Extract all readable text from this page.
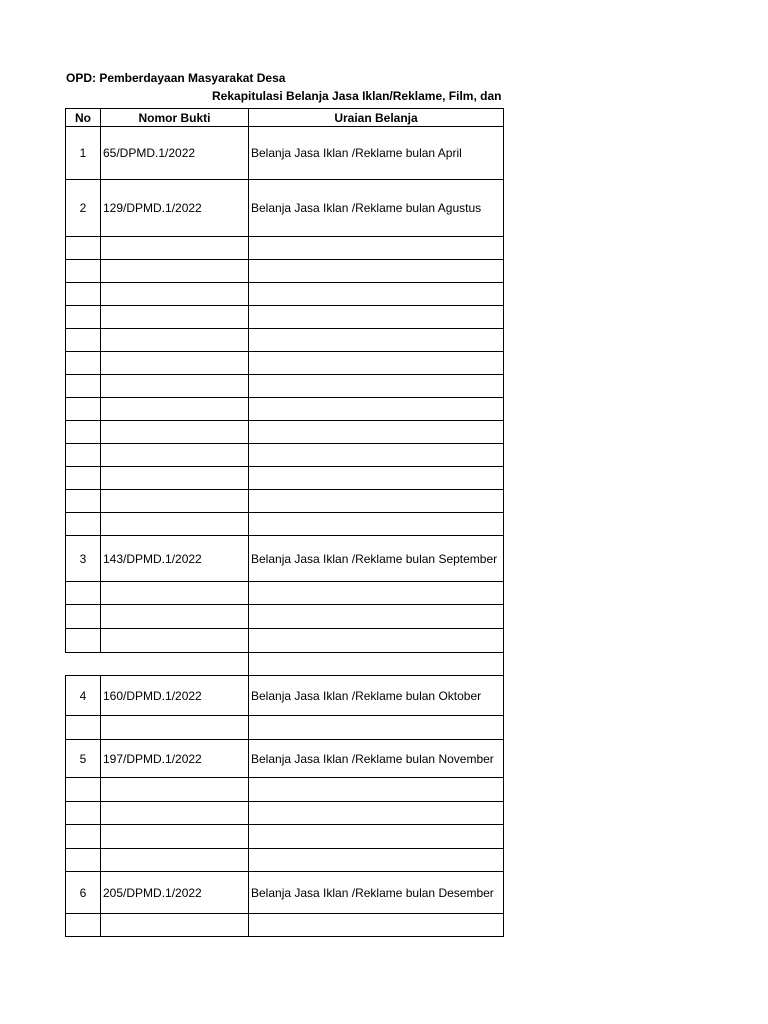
OPD: Pemberdayaan Masyarakat Desa
Rekapitulasi Belanja Jasa Iklan/Reklame, Film, dan
No	Nomor Bukti	Uraian Belanja
1	65/DPMD.1/2022	Belanja Jasa Iklan /Reklame bulan April
2	129/DPMD.1/2022	Belanja Jasa Iklan /Reklame bulan Agustus

3	143/DPMD.1/2022	Belanja Jasa Iklan /Reklame bulan September

4	160/DPMD.1/2022	Belanja Jasa Iklan /Reklame bulan Oktober

5	197/DPMD.1/2022	Belanja Jasa Iklan /Reklame bulan November

6	205/DPMD.1/2022	Belanja Jasa Iklan /Reklame bulan Desember
